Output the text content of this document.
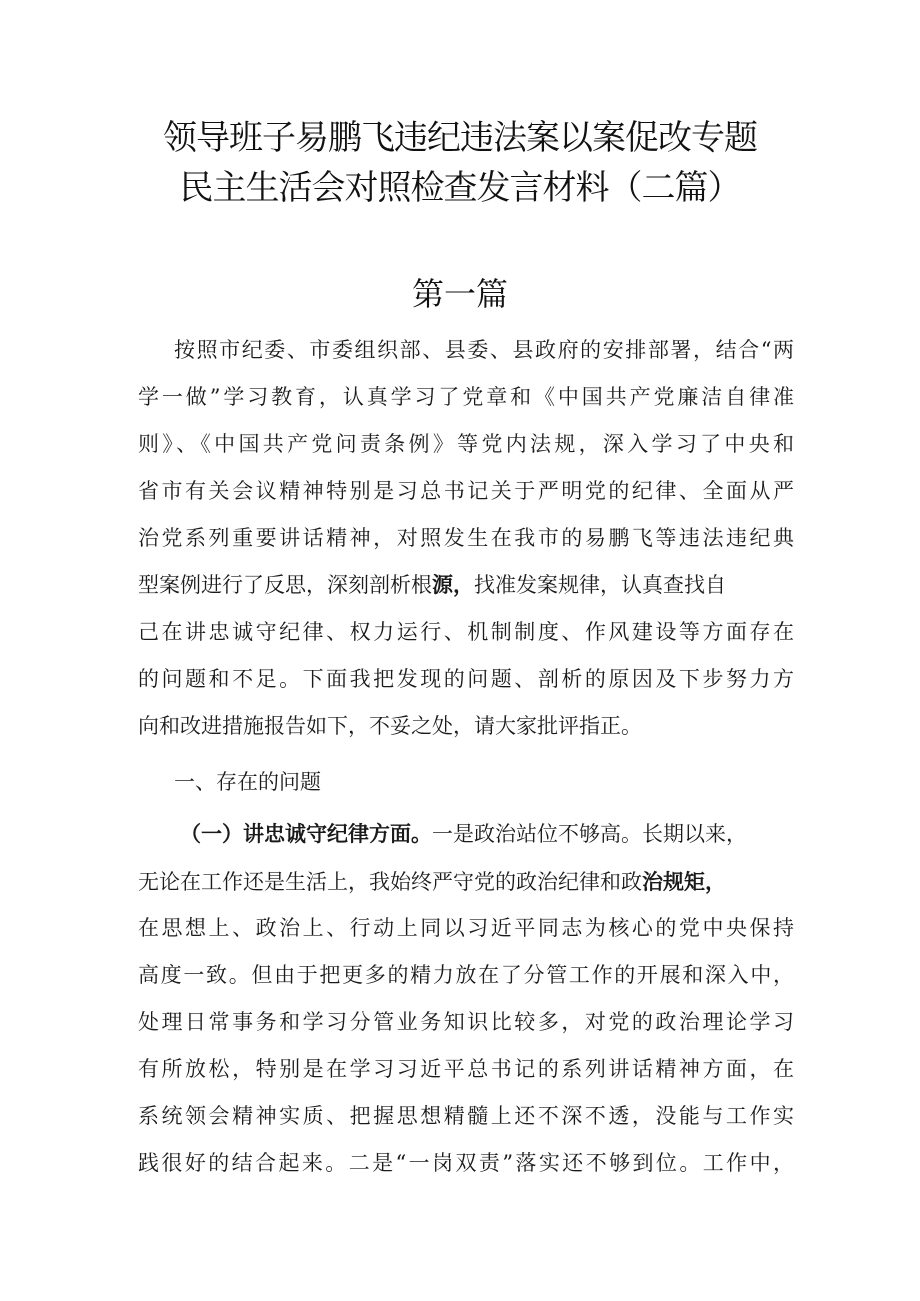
领导班子易鹏飞违纪违法案以案促改专题
民主生活会对照检查发言材料（二篇）
第一篇
按照市纪委、市委组织部、县委、县政府的安排部署，结合“两
学一做”学习教育，认真学习了党章和《中国共产党廉洁自律准
则》、《中国共产党问责条例》等党内法规，深入学习了中央和
省市有关会议精神特别是习总书记关于严明党的纪律、全面从严
治党系列重要讲话精神，对照发生在我市的易鹏飞等违法违纪典
型案例进行了反思，深刻剖析根源，找准发案规律，认真查找自
己在讲忠诚守纪律、权力运行、机制制度、作风建设等方面存在
的问题和不足。下面我把发现的问题、剖析的原因及下步努力方
向和改进措施报告如下，不妥之处，请大家批评指正。
一、存在的问题
（一）讲忠诚守纪律方面。一是政治站位不够高。长期以来，
无论在工作还是生活上，我始终严守党的政治纪律和政治规矩，
在思想上、政治上、行动上同以习近平同志为核心的党中央保持
高度一致。但由于把更多的精力放在了分管工作的开展和深入中，
处理日常事务和学习分管业务知识比较多，对党的政治理论学习
有所放松，特别是在学习习近平总书记的系列讲话精神方面，在
系统领会精神实质、把握思想精髓上还不深不透，没能与工作实
践很好的结合起来。二是“一岗双责”落实还不够到位。工作中，
